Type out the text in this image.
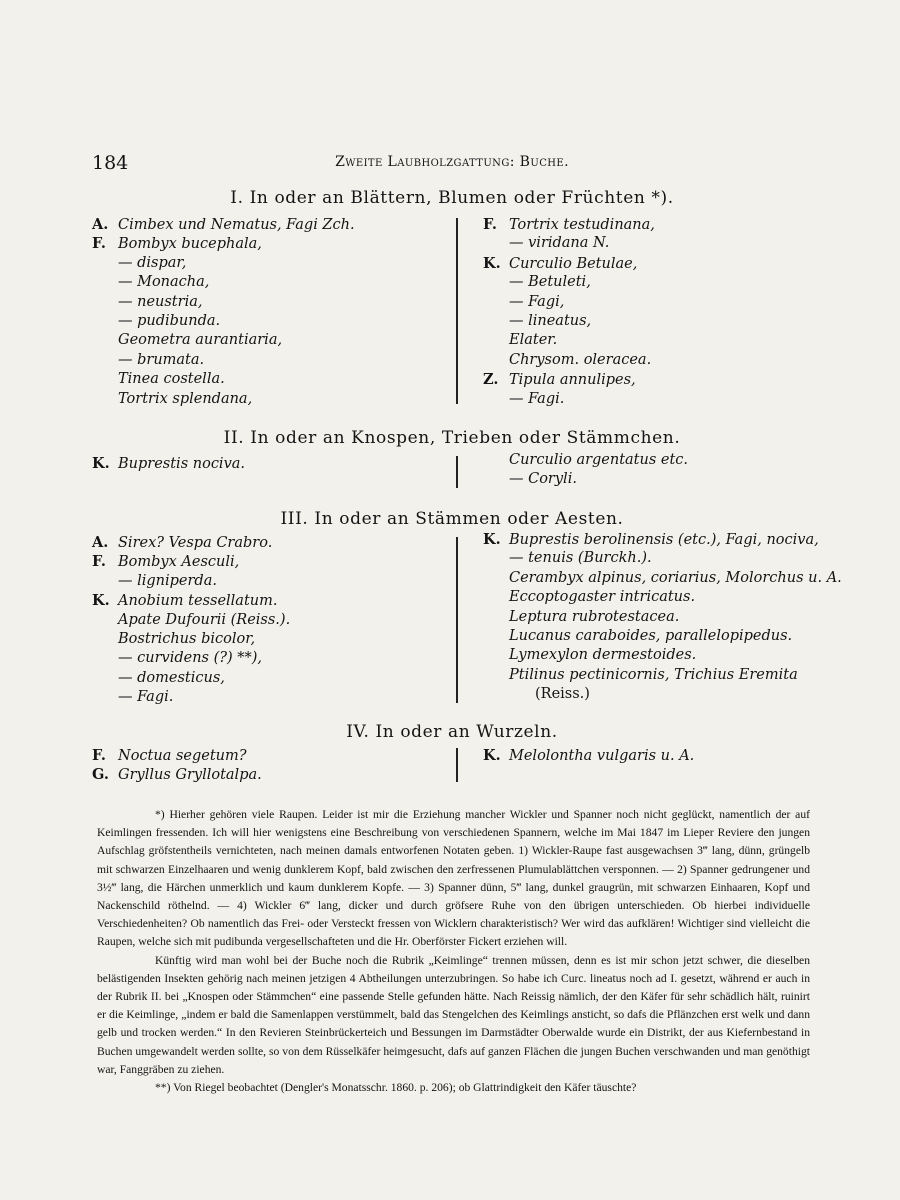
184	Zweite Laubholzgattung: Buche.
I. In oder an Blättern, Blumen oder Früchten *).
A. Cimbex und Nematus, Fagi Zch.
F. Bombyx bucephala,
— dispar,
— Monacha,
— neustria,
— pudibunda.
Geometra aurantiaria,
— brumata.
Tinea costella.
Tortrix splendana,
F. Tortrix testudinana,
— viridana N.
K. Curculio Betulae,
— Betuleti,
— Fagi,
— lineatus,
Elater.
Chrysom. oleracea.
Z. Tipula annulipes,
— Fagi.
II. In oder an Knospen, Trieben oder Stämmchen.
K. Buprestis nociva.	Curculio argentatus etc.
— Coryli.
III. In oder an Stämmen oder Aesten.
A. Sirex? Vespa Crabro.
F. Bombyx Aesculi,
— ligniperda.
K. Anobium tessellatum.
Apate Dufourii (Reiss.).
Bostrichus bicolor,
— curvidens (?) **),
— domesticus,
— Fagi.
K. Buprestis berolinensis (etc.), Fagi, nociva,
— tenuis (Burckh.).
Cerambyx alpinus, coriarius, Molorchus u. A.
Eccoptogaster intricatus.
Leptura rubrotestacea.
Lucanus caraboides, parallelopipedus.
Lymexylon dermestoides.
Ptilinus pectinicornis, Trichius Eremita
(Reiss.)
IV. In oder an Wurzeln.
F. Noctua segetum?
G. Gryllus Gryllotalpa.
K. Melolontha vulgaris u. A.

*) Hierher gehören viele Raupen. Leider ist mir die Erziehung mancher Wickler und Spanner noch nicht geglückt, namentlich der auf Keimlingen fressenden. Ich will hier wenigstens eine Beschreibung von verschiedenen Spannern, welche im Mai 1847 im Lieper Reviere den jungen Aufschlag gröfstentheils vernichteten, nach meinen damals entworfenen Notaten geben. 1) Wickler-Raupe fast ausgewachsen 3‴ lang, dünn, grüngelb mit schwarzen Einzelhaaren und wenig dunklerem Kopf, bald zwischen den zerfressenen Plumulablättchen versponnen. — 2) Spanner gedrungener und 3½‴ lang, die Härchen unmerklich und kaum dunklerem Kopfe. — 3) Spanner dünn, 5‴ lang, dunkel graugrün, mit schwarzen Einhaaren, Kopf und Nackenschild röthelnd. — 4) Wickler 6‴ lang, dicker und durch gröfsere Ruhe von den übrigen unterschieden. Ob hierbei individuelle Verschiedenheiten? Ob namentlich das Frei- oder Versteckt fressen von Wicklern charakteristisch? Wer wird das aufklären! Wichtiger sind vielleicht die Raupen, welche sich mit pudibunda vergesellschafteten und die Hr. Oberförster Fickert erziehen will.

Künftig wird man wohl bei der Buche noch die Rubrik „Keimlinge“ trennen müssen, denn es ist mir schon jetzt schwer, die dieselben belästigenden Insekten gehörig nach meinen jetzigen 4 Abtheilungen unterzubringen. So habe ich Curc. lineatus noch ad I. gesetzt, während er auch in der Rubrik II. bei „Knospen oder Stämmchen“ eine passende Stelle gefunden hätte. Nach Reissig nämlich, der den Käfer für sehr schädlich hält, ruinirt er die Keimlinge, „indem er bald die Samenlappen verstümmelt, bald das Stengelchen des Keimlings ansticht, so dafs die Pflänzchen erst welk und dann gelb und trocken werden.“ In den Revieren Steinbrückerteich und Bessungen im Darmstädter Oberwalde wurde ein Distrikt, der aus Kiefernbestand in Buchen umgewandelt werden sollte, so von dem Rüsselkäfer heimgesucht, dafs auf ganzen Flächen die jungen Buchen verschwanden und man genöthigt war, Fanggräben zu ziehen.

**) Von Riegel beobachtet (Dengler's Monatsschr. 1860. p. 206); ob Glattrindigkeit den Käfer täuschte?
